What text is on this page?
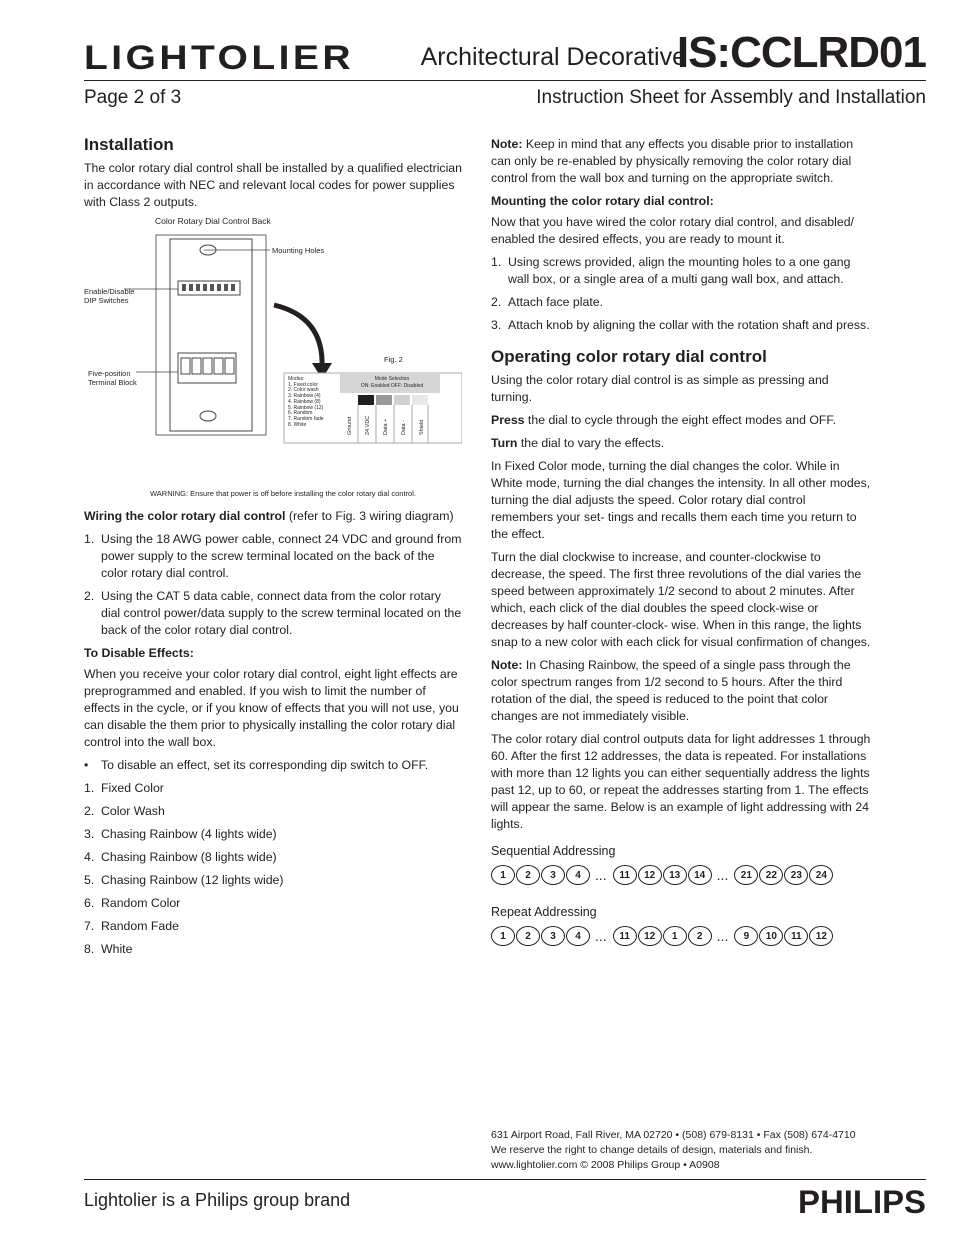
LIGHTOLIER	Architectural Decorative
IS:CCLRD01
Page 2 of 3	Instruction Sheet for Assembly and Installation
Installation

The color rotary dial control shall be installed by a qualified electrician in accordance with NEC and relevant local codes for power supplies with Class 2 outputs.

Color Rotary Dial Control Back
Mounting Holes
Enable/Disable
DIP Switches
Five-position
Terminal Block
Fig. 2
Mode Selection
ON: Enabled OFF: Disabled
Modes:
1. Fixed color
2. Color wash
3. Rainbow (4)
4. Rainbow (8)
5. Rainbow (12)
6. Random
7. Random fade
8. White	Ground	24 VDC	Data +	Data -	Shield
WARNING: Ensure that power is off before installing the color rotary dial control.

Wiring the color rotary dial control (refer to Fig. 3 wiring diagram)

1. Using the 18 AWG power cable, connect 24 VDC and ground from power supply to the screw terminal located on the back of the color rotary dial control.
2. Using the CAT 5 data cable, connect data from the color rotary dial control power/data supply to the screw terminal located on the back of the color rotary dial control.
To Disable Effects:

When you receive your color rotary dial control, eight light effects are preprogrammed and enabled. If you wish to limit the number of effects in the cycle, or if you know of effects that you will not use, you can disable the them prior to physically installing the color rotary dial control into the wall box.

• To disable an effect, set its corresponding dip switch to OFF.
1. Fixed Color
2. Color Wash
3. Chasing Rainbow (4 lights wide)
4. Chasing Rainbow (8 lights wide)
5. Chasing Rainbow (12 lights wide)
6. Random Color
7. Random Fade
8. White

Note: Keep in mind that any effects you disable prior to installation can only be re-enabled by physically removing the color rotary dial control from the wall box and turning on the appropriate switch.

Mounting the color rotary dial control:

Now that you have wired the color rotary dial control, and disabled/ enabled the desired effects, you are ready to mount it.

1. Using screws provided, align the mounting holes to a one gang wall box, or a single area of a multi gang wall box, and attach.
2. Attach face plate.
3. Attach knob by aligning the collar with the rotation shaft and press.
Operating color rotary dial control

Using the color rotary dial control is as simple as pressing and turning.

Press the dial to cycle through the eight effect modes and OFF.

Turn the dial to vary the effects.

In Fixed Color mode, turning the dial changes the color. While in White mode, turning the dial changes the intensity. In all other modes, turning the dial adjusts the speed. Color rotary dial control remembers your set- tings and recalls them each time you return to the effect.

Turn the dial clockwise to increase, and counter-clockwise to decrease, the speed. The first three revolutions of the dial varies the speed between approximately 1/2 second to about 2 minutes. After which, each click of the dial doubles the speed clock-wise or decreases by half counter-clock- wise. When in this range, the lights snap to a new color with each click for visual confirmation of changes.

Note: In Chasing Rainbow, the speed of a single pass through the color spectrum ranges from 1/2 second to 5 hours. After the third rotation of the dial, the speed is reduced to the point that color changes are not immediately visible.

The color rotary dial control outputs data for light addresses 1 through 60. After the first 12 addresses, the data is repeated. For installations with more than 12 lights you can either sequentially address the lights past 12, up to 60, or repeat the addresses starting from 1. The effects will appear the same. Below is an example of light addressing with 24 lights.

Sequential Addressing
1	2	3	4	...	11	12	13	14 ...	21	22	23	24
Repeat Addressing
1	2	3	4	...	11	12	1	2	...	9	10	11	12
631 Airport Road, Fall River, MA 02720 • (508) 679-8131 • Fax (508) 674-4710
We reserve the right to change details of design, materials and finish.
www.lightolier.com © 2008 Philips Group • A0908
Lightolier is a Philips group brand	PHILIPS
